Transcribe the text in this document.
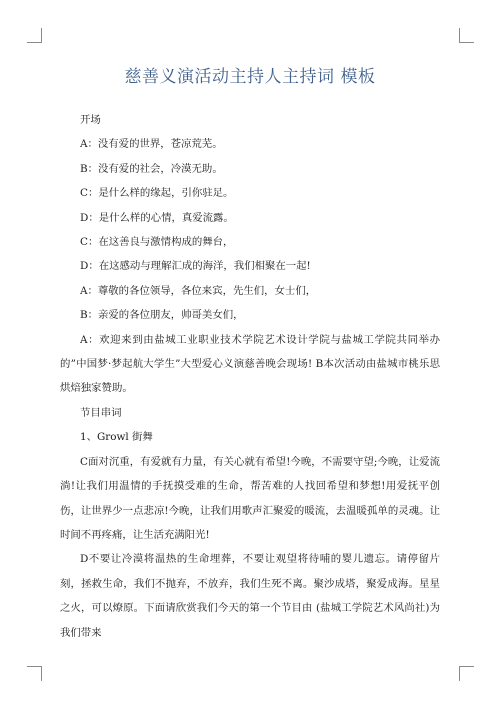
慈善义演活动主持人主持词 模板

开场

A：没有爱的世界，苍凉荒芜。

B：没有爱的社会，冷漠无助。

C：是什么样的缘起，引你驻足。

D：是什么样的心情，真爱流露。

C：在这善良与激情构成的舞台，

D：在这感动与理解汇成的海洋，我们相聚在一起!

A：尊敬的各位领导，各位来宾，先生们，女士们，

B：亲爱的各位朋友，帅哥美女们，

A：欢迎来到由盐城工业职业技术学院艺术设计学院与盐城工学院共同举办的”中国梦·梦起航大学生”大型爱心义演慈善晚会现场! B本次活动由盐城市桃乐思烘焙独家赞助。

节目串词

1、Growl 街舞

C面对沉重，有爱就有力量，有关心就有希望!今晚，不需要守望;今晚，让爱流淌!让我们用温情的手抚摸受难的生命，帮苦难的人找回希望和梦想!用爱抚平创伤，让世界少一点悲凉!今晚，让我们用歌声汇聚爱的暖流，去温暖孤单的灵魂。让时间不再疼痛，让生活充满阳光!

D不要让冷漠将温热的生命埋葬，不要让观望将待哺的婴儿遗忘。请停留片刻，拯救生命，我们不抛弃，不放弃，我们生死不离。聚沙成塔，聚爱成海。星星之火，可以燎原。下面请欣赏我们今天的第一个节目由 (盐城工学院艺术风尚社)为我们带来
